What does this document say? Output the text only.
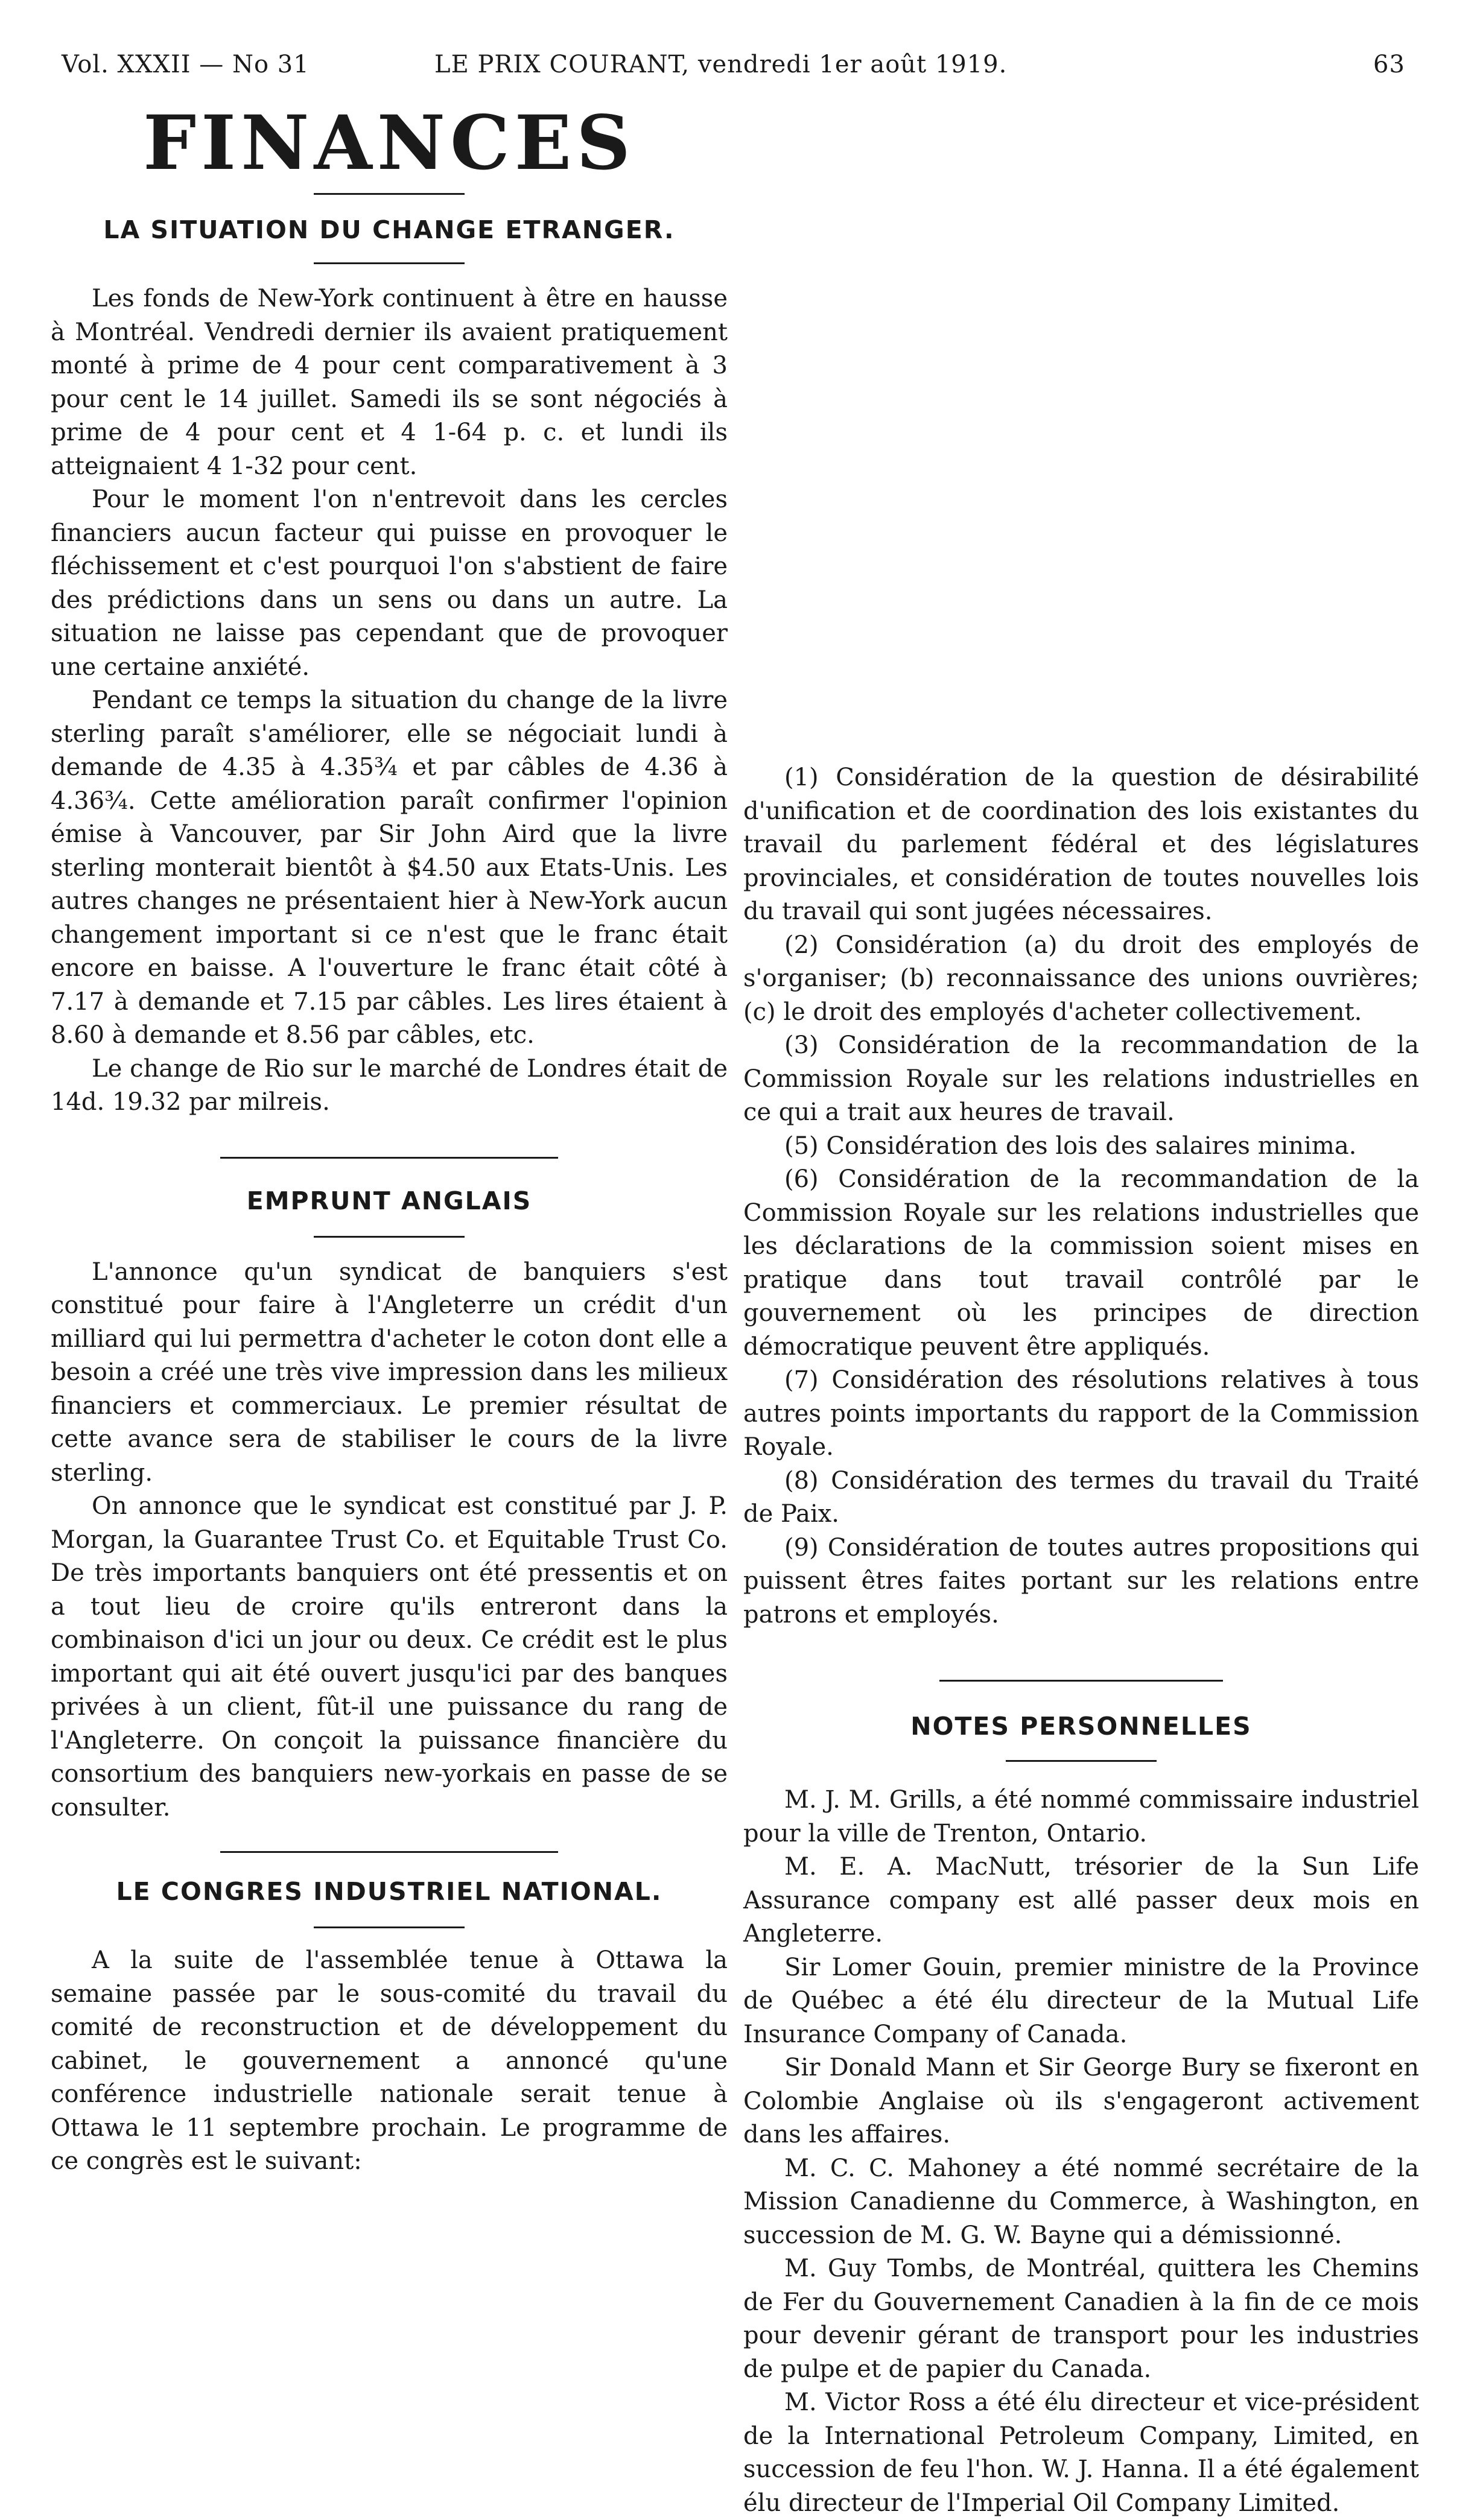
Vol. XXXII — No 31	LE PRIX COURANT, vendredi 1er août 1919.	63
FINANCES
LA SITUATION DU CHANGE ETRANGER.

Les fonds de New-York continuent à être en hausse à Montréal. Vendredi dernier ils avaient pratiquement monté à prime de 4 pour cent comparativement à 3 pour cent le 14 juillet. Samedi ils se sont négociés à prime de 4 pour cent et 4 1-64 p. c. et lundi ils atteignaient 4 1-32 pour cent.

Pour le moment l'on n'entrevoit dans les cercles financiers aucun facteur qui puisse en provoquer le fléchissement et c'est pourquoi l'on s'abstient de faire des prédictions dans un sens ou dans un autre. La situation ne laisse pas cependant que de provoquer une certaine anxiété.

Pendant ce temps la situation du change de la livre sterling paraît s'améliorer, elle se négociait lundi à demande de 4.35 à 4.35¾ et par câbles de 4.36 à 4.36¾. Cette amélioration paraît confirmer l'opinion émise à Vancouver, par Sir John Aird que la livre sterling monterait bientôt à $4.50 aux Etats-Unis. Les autres changes ne présentaient hier à New-York aucun changement important si ce n'est que le franc était encore en baisse. A l'ouverture le franc était côté à 7.17 à demande et 7.15 par câbles. Les lires étaient à 8.60 à demande et 8.56 par câbles, etc.

Le change de Rio sur le marché de Londres était de 14d. 19.32 par milreis.

EMPRUNT ANGLAIS

L'annonce qu'un syndicat de banquiers s'est constitué pour faire à l'Angleterre un crédit d'un milliard qui lui permettra d'acheter le coton dont elle a besoin a créé une très vive impression dans les milieux financiers et commerciaux. Le premier résultat de cette avance sera de stabiliser le cours de la livre sterling.

On annonce que le syndicat est constitué par J. P. Morgan, la Guarantee Trust Co. et Equitable Trust Co. De très importants banquiers ont été pressentis et on a tout lieu de croire qu'ils entreront dans la combinaison d'ici un jour ou deux. Ce crédit est le plus important qui ait été ouvert jusqu'ici par des banques privées à un client, fût-il une puissance du rang de l'Angleterre. On conçoit la puissance financière du consortium des banquiers new-yorkais en passe de se consulter.

LE CONGRES INDUSTRIEL NATIONAL.

A la suite de l'assemblée tenue à Ottawa la semaine passée par le sous-comité du travail du comité de reconstruction et de développement du cabinet, le gouvernement a annoncé qu'une conférence industrielle nationale serait tenue à Ottawa le 11 septembre prochain. Le programme de ce congrès est le suivant:

(1) Considération de la question de désirabilité d'unification et de coordination des lois existantes du travail du parlement fédéral et des législatures provinciales, et considération de toutes nouvelles lois du travail qui sont jugées nécessaires.

(2) Considération (a) du droit des employés de s'organiser; (b) reconnaissance des unions ouvrières; (c) le droit des employés d'acheter collectivement.

(3) Considération de la recommandation de la Commission Royale sur les relations industrielles en ce qui a trait aux heures de travail.

(5) Considération des lois des salaires minima.

(6) Considération de la recommandation de la Commission Royale sur les relations industrielles que les déclarations de la commission soient mises en pratique dans tout travail contrôlé par le gouvernement où les principes de direction démocratique peuvent être appliqués.

(7) Considération des résolutions relatives à tous autres points importants du rapport de la Commission Royale.

(8) Considération des termes du travail du Traité de Paix.

(9) Considération de toutes autres propositions qui puissent êtres faites portant sur les relations entre patrons et employés.

NOTES PERSONNELLES

M. J. M. Grills, a été nommé commissaire industriel pour la ville de Trenton, Ontario.

M. E. A. MacNutt, trésorier de la Sun Life Assurance company est allé passer deux mois en Angleterre.

Sir Lomer Gouin, premier ministre de la Province de Québec a été élu directeur de la Mutual Life Insurance Company of Canada.

Sir Donald Mann et Sir George Bury se fixeront en Colombie Anglaise où ils s'engageront activement dans les affaires.

M. C. C. Mahoney a été nommé secrétaire de la Mission Canadienne du Commerce, à Washington, en succession de M. G. W. Bayne qui a démissionné.

M. Guy Tombs, de Montréal, quittera les Chemins de Fer du Gouvernement Canadien à la fin de ce mois pour devenir gérant de transport pour les industries de pulpe et de papier du Canada.

M. Victor Ross a été élu directeur et vice-président de la International Petroleum Company, Limited, en succession de feu l'hon. W. J. Hanna. Il a été également élu directeur de l'Imperial Oil Company Limited.
